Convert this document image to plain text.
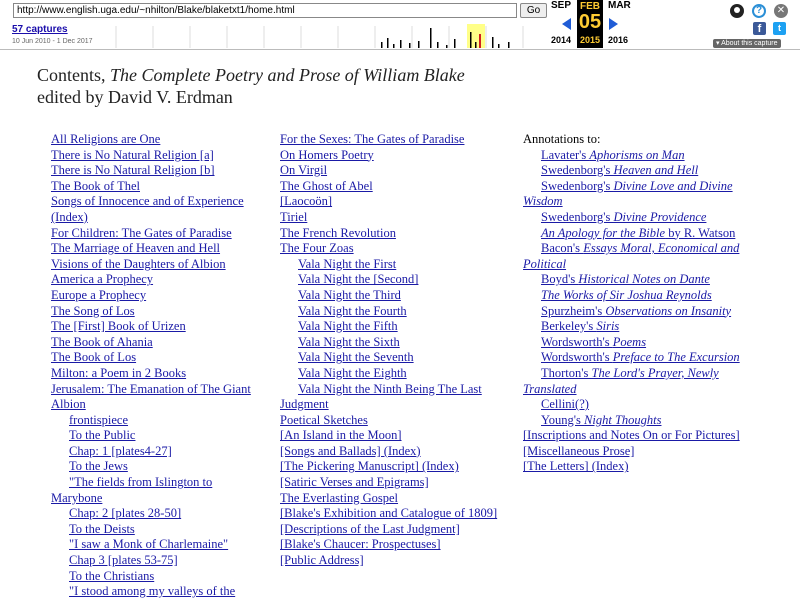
http://www.english.uga.edu/~nhilton/Blake/blaketxt1/home.html
Go
57 captures
10 Jun 2010 - 1 Dec 2017
SEP
2014
FEB
05
2015
MAR
2016
?	✕
f	t
▾ About this capture
Contents, The Complete Poetry and Prose of William Blake
edited by David V. Erdman
All Religions are One
There is No Natural Religion [a]
There is No Natural Religion [b]
The Book of Thel
Songs of Innocence and of Experience
(Index)
For Children: The Gates of Paradise
The Marriage of Heaven and Hell
Visions of the Daughters of Albion
America a Prophecy
Europe a Prophecy
The Song of Los
The [First] Book of Urizen
The Book of Ahania
The Book of Los
Milton: a Poem in 2 Books
Jerusalem: The Emanation of The Giant
Albion
frontispiece
To the Public
Chap: 1 [plates4-27]
To the Jews
"The fields from Islington to
Marybone
Chap: 2 [plates 28-50]
To the Deists
"I saw a Monk of Charlemaine"
Chap 3 [plates 53-75]
To the Christians
"I stood among my valleys of the
For the Sexes: The Gates of Paradise
On Homers Poetry
On Virgil
The Ghost of Abel
[Laocoön]
Tiriel
The French Revolution
The Four Zoas
Vala Night the First
Vala Night the [Second]
Vala Night the Third
Vala Night the Fourth
Vala Night the Fifth
Vala Night the Sixth
Vala Night the Seventh
Vala Night the Eighth
Vala Night the Ninth Being The Last
Judgment
Poetical Sketches
[An Island in the Moon]
[Songs and Ballads] (Index)
[The Pickering Manuscript] (Index)
[Satiric Verses and Epigrams]
The Everlasting Gospel
[Blake's Exhibition and Catalogue of 1809]
[Descriptions of the Last Judgment]
[Blake's Chaucer: Prospectuses]
[Public Address]
Annotations to:
Lavater's Aphorisms on Man
Swedenborg's Heaven and Hell
Swedenborg's Divine Love and Divine
Wisdom
Swedenborg's Divine Providence
An Apology for the Bible by R. Watson
Bacon's Essays Moral, Economical and
Political
Boyd's Historical Notes on Dante
The Works of Sir Joshua Reynolds
Spurzheim's Observations on Insanity
Berkeley's Siris
Wordsworth's Poems
Wordsworth's Preface to The Excursion
Thorton's The Lord's Prayer, Newly
Translated
Cellini(?)
Young's Night Thoughts
[Inscriptions and Notes On or For Pictures]
[Miscellaneous Prose]
[The Letters] (Index)
